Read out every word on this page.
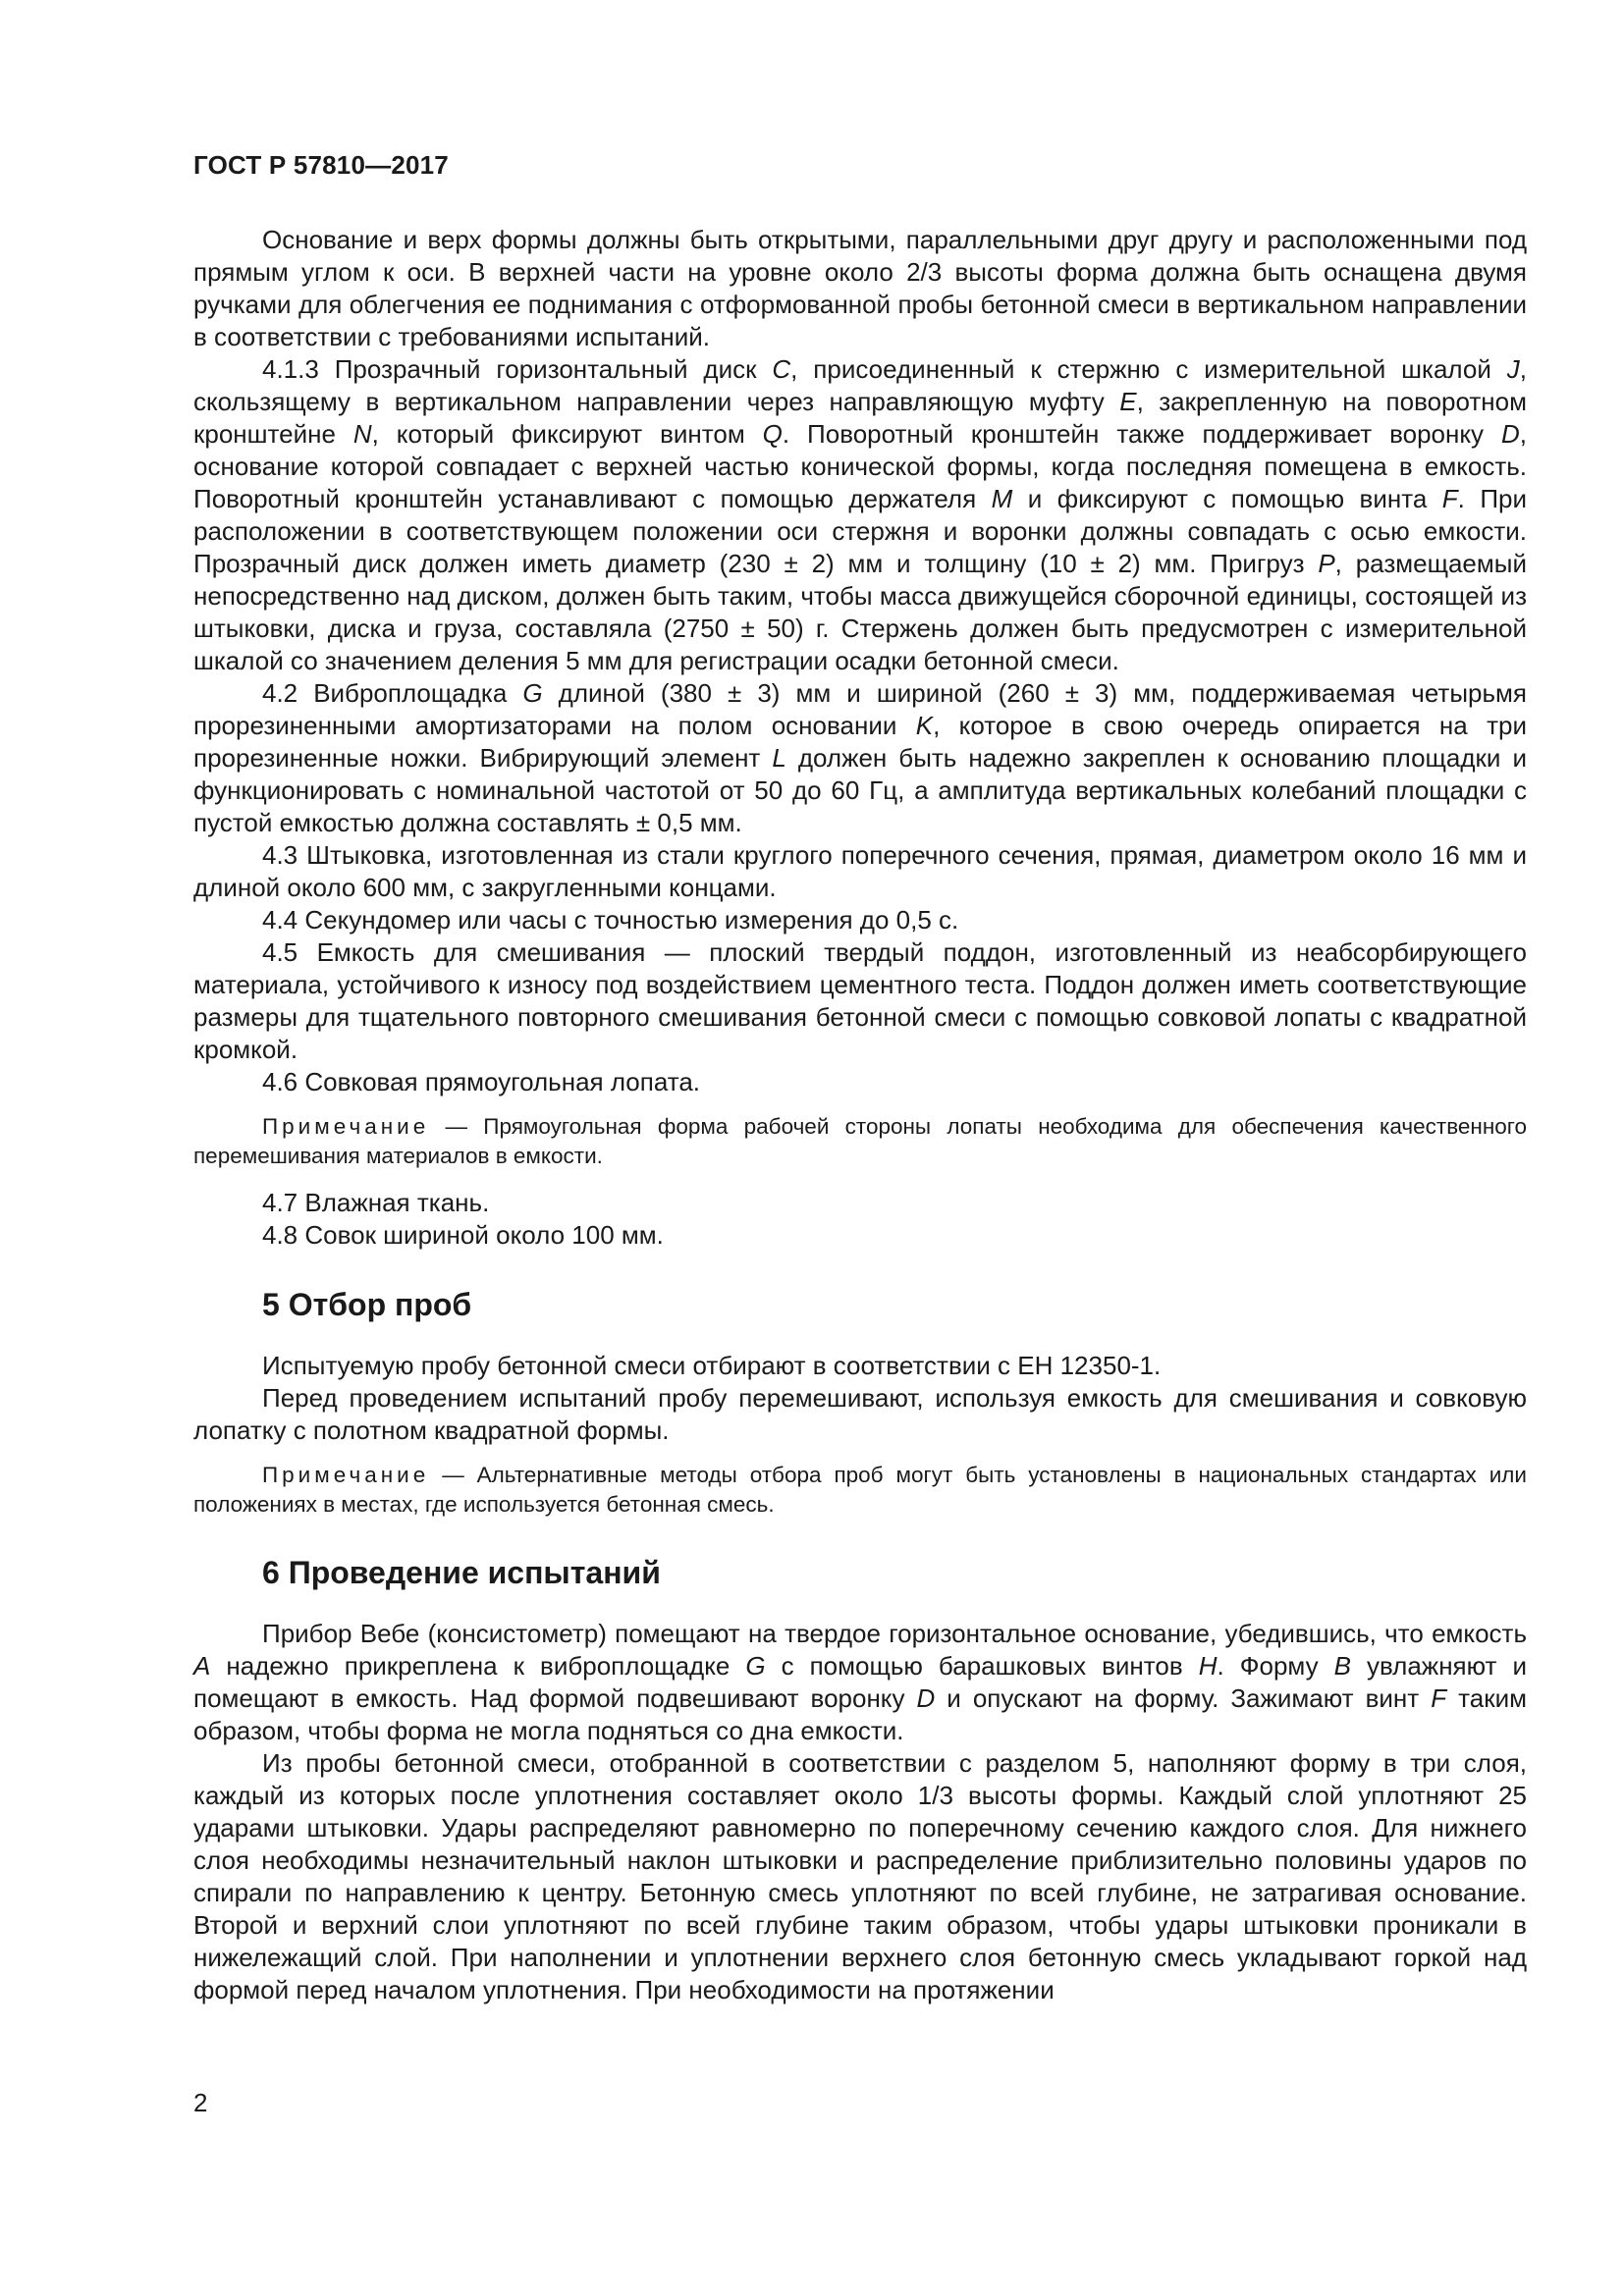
ГОСТ Р 57810—2017

Основание и верх формы должны быть открытыми, параллельными друг другу и расположенными под прямым углом к оси. В верхней части на уровне около 2/3 высоты форма должна быть оснащена двумя ручками для облегчения ее поднимания с отформованной пробы бетонной смеси в вертикальном направлении в соответствии с требованиями испытаний.

4.1.3 Прозрачный горизонтальный диск C, присоединенный к стержню с измерительной шкалой J, скользящему в вертикальном направлении через направляющую муфту E, закрепленную на поворотном кронштейне N, который фиксируют винтом Q. Поворотный кронштейн также поддерживает воронку D, основание которой совпадает с верхней частью конической формы, когда последняя помещена в емкость. Поворотный кронштейн устанавливают с помощью держателя M и фиксируют с помощью винта F. При расположении в соответствующем положении оси стержня и воронки должны совпадать с осью емкости. Прозрачный диск должен иметь диаметр (230 ± 2) мм и толщину (10 ± 2) мм. Пригруз P, размещаемый непосредственно над диском, должен быть таким, чтобы масса движущейся сборочной единицы, состоящей из штыковки, диска и груза, составляла (2750 ± 50) г. Стержень должен быть предусмотрен с измерительной шкалой со значением деления 5 мм для регистрации осадки бетонной смеси.

4.2 Виброплощадка G длиной (380 ± 3) мм и шириной (260 ± 3) мм, поддерживаемая четырьмя прорезиненными амортизаторами на полом основании K, которое в свою очередь опирается на три прорезиненные ножки. Вибрирующий элемент L должен быть надежно закреплен к основанию площадки и функционировать с номинальной частотой от 50 до 60 Гц, а амплитуда вертикальных колебаний площадки с пустой емкостью должна составлять ± 0,5 мм.

4.3 Штыковка, изготовленная из стали круглого поперечного сечения, прямая, диаметром около 16 мм и длиной около 600 мм, с закругленными концами.

4.4 Секундомер или часы с точностью измерения до 0,5 с.

4.5 Емкость для смешивания — плоский твердый поддон, изготовленный из неабсорбирующего материала, устойчивого к износу под воздействием цементного теста. Поддон должен иметь соответствующие размеры для тщательного повторного смешивания бетонной смеси с помощью совковой лопаты с квадратной кромкой.

4.6 Совковая прямоугольная лопата.

Примечание — Прямоугольная форма рабочей стороны лопаты необходима для обеспечения качественного перемешивания материалов в емкости.

4.7 Влажная ткань.

4.8 Совок шириной около 100 мм.

5 Отбор проб

Испытуемую пробу бетонной смеси отбирают в соответствии с ЕН 12350-1.

Перед проведением испытаний пробу перемешивают, используя емкость для смешивания и совковую лопатку с полотном квадратной формы.

Примечание — Альтернативные методы отбора проб могут быть установлены в национальных стандартах или положениях в местах, где используется бетонная смесь.

6 Проведение испытаний

Прибор Вебе (консистометр) помещают на твердое горизонтальное основание, убедившись, что емкость A надежно прикреплена к виброплощадке G с помощью барашковых винтов H. Форму B увлажняют и помещают в емкость. Над формой подвешивают воронку D и опускают на форму. Зажимают винт F таким образом, чтобы форма не могла подняться со дна емкости.

Из пробы бетонной смеси, отобранной в соответствии с разделом 5, наполняют форму в три слоя, каждый из которых после уплотнения составляет около 1/3 высоты формы. Каждый слой уплотняют 25 ударами штыковки. Удары распределяют равномерно по поперечному сечению каждого слоя. Для нижнего слоя необходимы незначительный наклон штыковки и распределение приблизительно половины ударов по спирали по направлению к центру. Бетонную смесь уплотняют по всей глубине, не затрагивая основание. Второй и верхний слои уплотняют по всей глубине таким образом, чтобы удары штыковки проникали в нижележащий слой. При наполнении и уплотнении верхнего слоя бетонную смесь укладывают горкой над формой перед началом уплотнения. При необходимости на протяжении

2
